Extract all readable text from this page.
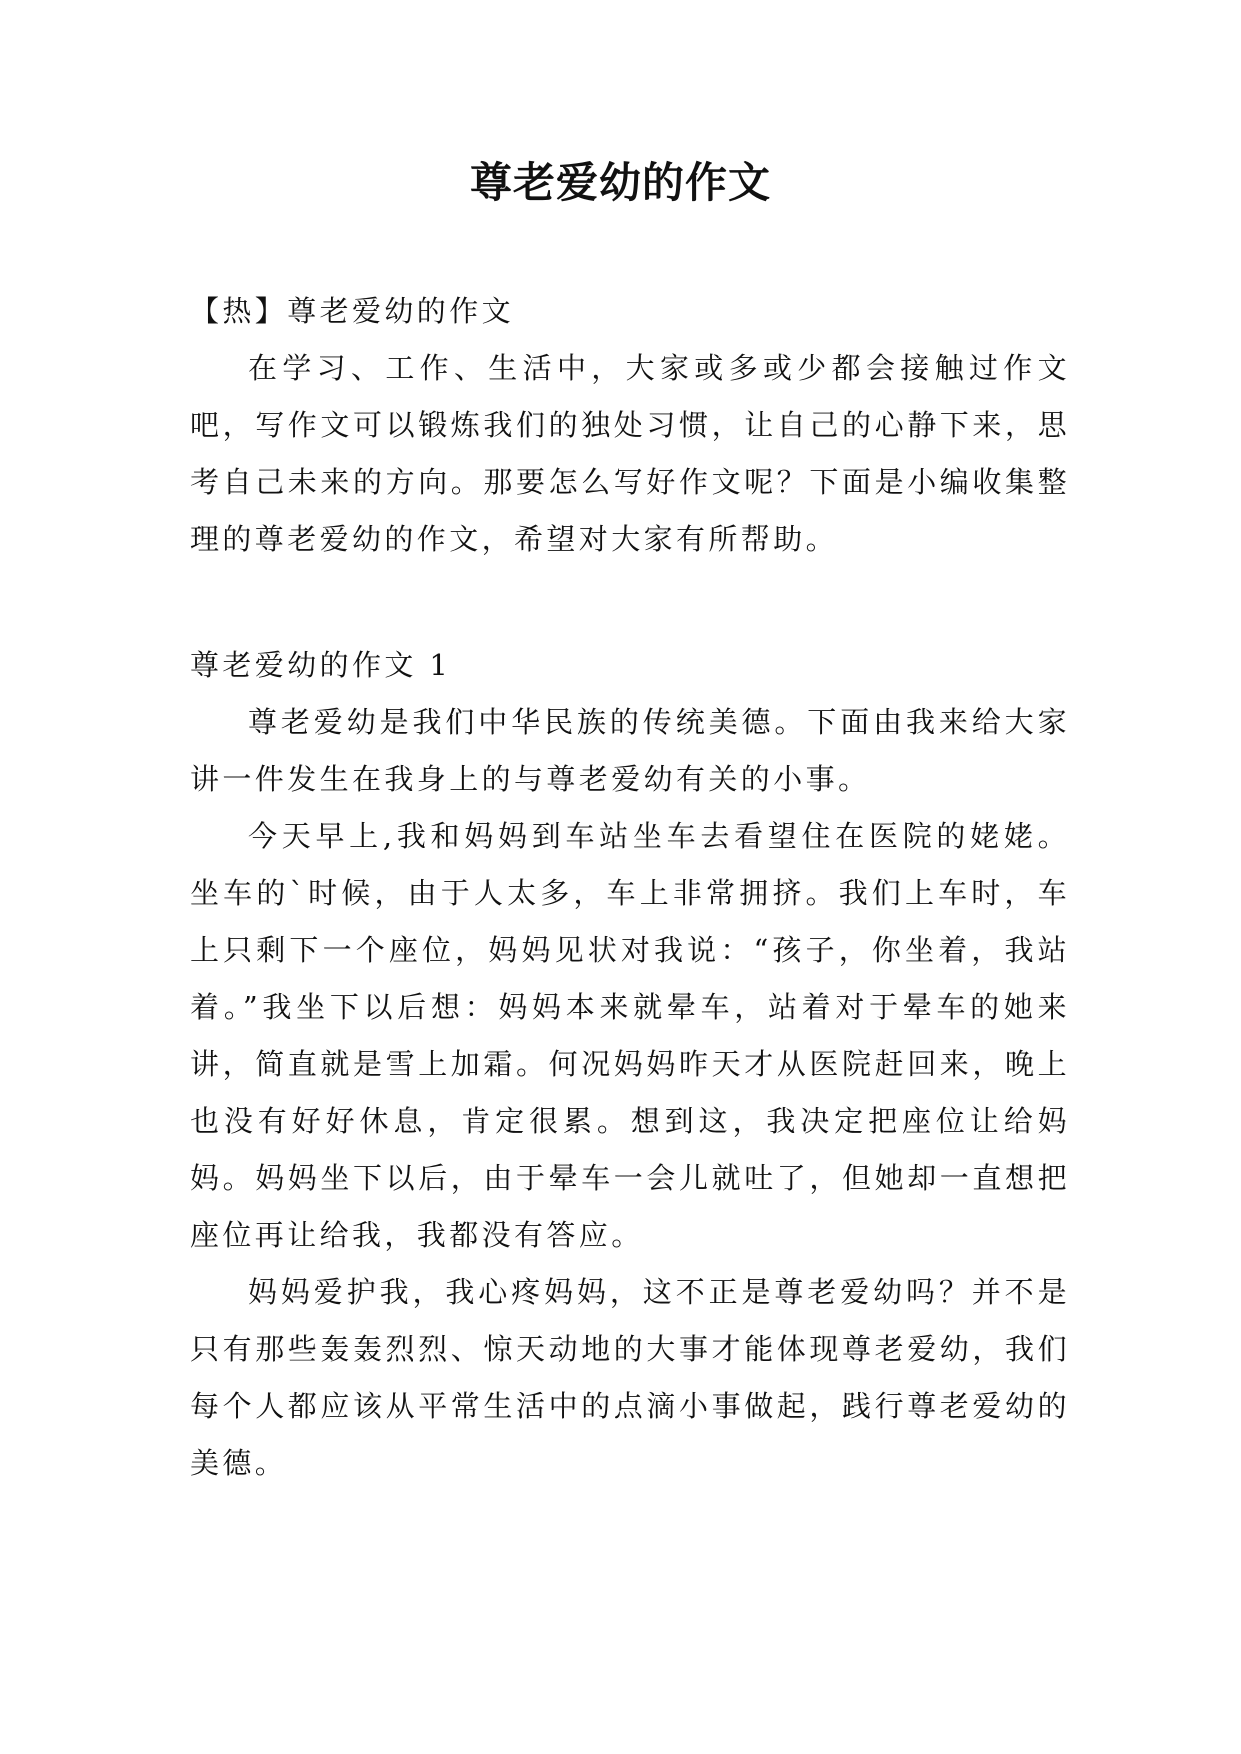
尊老爱幼的作文
【热】尊老爱幼的作文

在学习、工作、生活中，大家或多或少都会接触过作文吧，写作文可以锻炼我们的独处习惯，让自己的心静下来，思考自己未来的方向。那要怎么写好作文呢？下面是小编收集整理的尊老爱幼的作文，希望对大家有所帮助。

尊老爱幼的作文 1

尊老爱幼是我们中华民族的传统美德。下面由我来给大家讲一件发生在我身上的与尊老爱幼有关的小事。

今天早上,我和妈妈到车站坐车去看望住在医院的姥姥。坐车的`时候，由于人太多，车上非常拥挤。我们上车时，车上只剩下一个座位，妈妈见状对我说：“孩子，你坐着，我站着。”我坐下以后想：妈妈本来就晕车，站着对于晕车的她来讲，简直就是雪上加霜。何况妈妈昨天才从医院赶回来，晚上也没有好好休息，肯定很累。想到这，我决定把座位让给妈妈。妈妈坐下以后，由于晕车一会儿就吐了，但她却一直想把座位再让给我，我都没有答应。

妈妈爱护我，我心疼妈妈，这不正是尊老爱幼吗？并不是只有那些轰轰烈烈、惊天动地的大事才能体现尊老爱幼，我们每个人都应该从平常生活中的点滴小事做起，践行尊老爱幼的美德。
